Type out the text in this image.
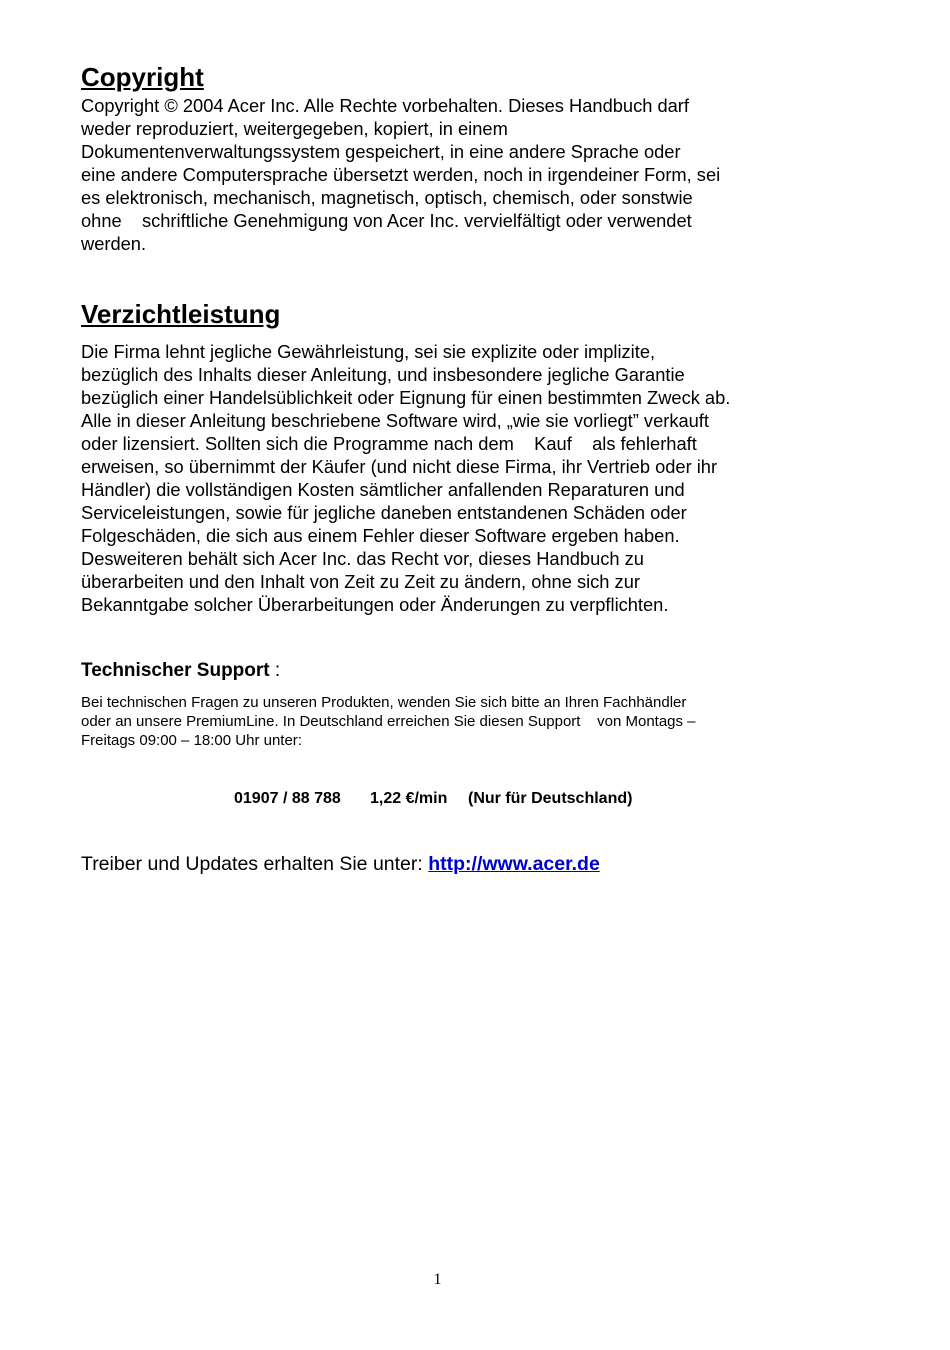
Copyright

Copyright © 2004 Acer Inc. Alle Rechte vorbehalten. Dieses Handbuch darf

weder reproduziert, weitergegeben, kopiert, in einem

Dokumentenverwaltungssystem gespeichert, in eine andere Sprache oder

eine andere Computersprache übersetzt werden, noch in irgendeiner Form, sei

es elektronisch, mechanisch, magnetisch, optisch, chemisch, oder sonstwie

ohne    schriftliche Genehmigung von Acer Inc. vervielfältigt oder verwendet

werden.

Verzichtleistung

Die Firma lehnt jegliche Gewährleistung, sei sie explizite oder implizite,

bezüglich des Inhalts dieser Anleitung, und insbesondere jegliche Garantie

bezüglich einer Handelsüblichkeit oder Eignung für einen bestimmten Zweck ab.

Alle in dieser Anleitung beschriebene Software wird, „wie sie vorliegt” verkauft

oder lizensiert. Sollten sich die Programme nach dem    Kauf    als fehlerhaft

erweisen, so übernimmt der Käufer (und nicht diese Firma, ihr Vertrieb oder ihr

Händler) die vollständigen Kosten sämtlicher anfallenden Reparaturen und

Serviceleistungen, sowie für jegliche daneben entstandenen Schäden oder

Folgeschäden, die sich aus einem Fehler dieser Software ergeben haben.

Desweiteren behält sich Acer Inc. das Recht vor, dieses Handbuch zu

überarbeiten und den Inhalt von Zeit zu Zeit zu ändern, ohne sich zur

Bekanntgabe solcher Überarbeitungen oder Änderungen zu verpflichten.

Technischer Support :

Bei technischen Fragen zu unseren Produkten, wenden Sie sich bitte an Ihren Fachhändler

oder an unsere PremiumLine. In Deutschland erreichen Sie diesen Support    von Montags –

Freitags 09:00 – 18:00 Uhr unter:

01907 / 88 788 1,22 €/min (Nur für Deutschland)

Treiber und Updates erhalten Sie unter: http://www.acer.de

1
